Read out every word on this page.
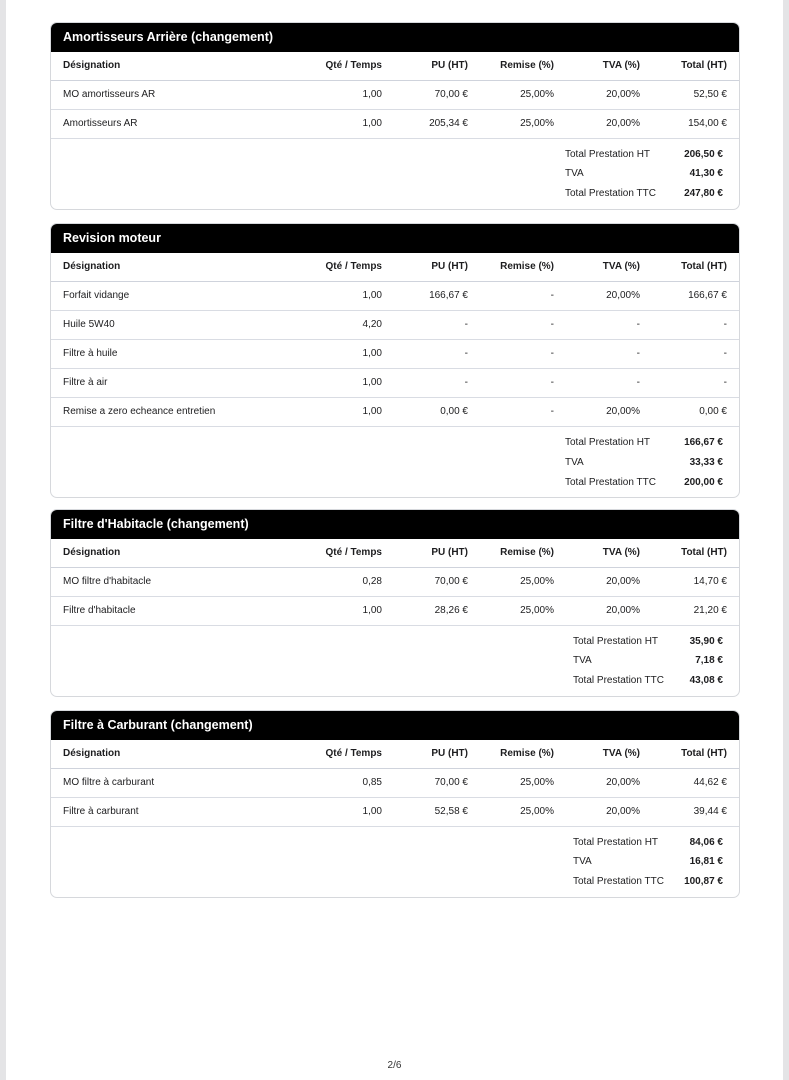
Amortisseurs Arrière (changement)
Désignation	Qté / Temps	PU (HT)	Remise (%)	TVA (%)	Total (HT)
MO amortisseurs AR	1,00	70,00 €	25,00%	20,00%	52,50 €
Amortisseurs AR	1,00	205,34 €	25,00%	20,00%	154,00 €
Total Prestation HT	206,50 €
TVA	41,30 €
Total Prestation TTC	247,80 €
Revision moteur
Désignation	Qté / Temps	PU (HT)	Remise (%)	TVA (%)	Total (HT)
Forfait vidange	1,00	166,67 €	-	20,00%	166,67 €
Huile 5W40	4,20	-	-	-	-
Filtre à huile	1,00	-	-	-	-
Filtre à air	1,00	-	-	-	-
Remise a zero echeance entretien	1,00	0,00 €	-	20,00%	0,00 €
Total Prestation HT	166,67 €
TVA	33,33 €
Total Prestation TTC	200,00 €
Filtre d'Habitacle (changement)
Désignation	Qté / Temps	PU (HT)	Remise (%)	TVA (%)	Total (HT)
MO filtre d'habitacle	0,28	70,00 €	25,00%	20,00%	14,70 €
Filtre d'habitacle	1,00	28,26 €	25,00%	20,00%	21,20 €
Total Prestation HT	35,90 €
TVA	7,18 €
Total Prestation TTC	43,08 €
Filtre à Carburant (changement)
Désignation	Qté / Temps	PU (HT)	Remise (%)	TVA (%)	Total (HT)
MO filtre à carburant	0,85	70,00 €	25,00%	20,00%	44,62 €
Filtre à carburant	1,00	52,58 €	25,00%	20,00%	39,44 €
Total Prestation HT	84,06 €
TVA	16,81 €
Total Prestation TTC 100,87 €
2/6
